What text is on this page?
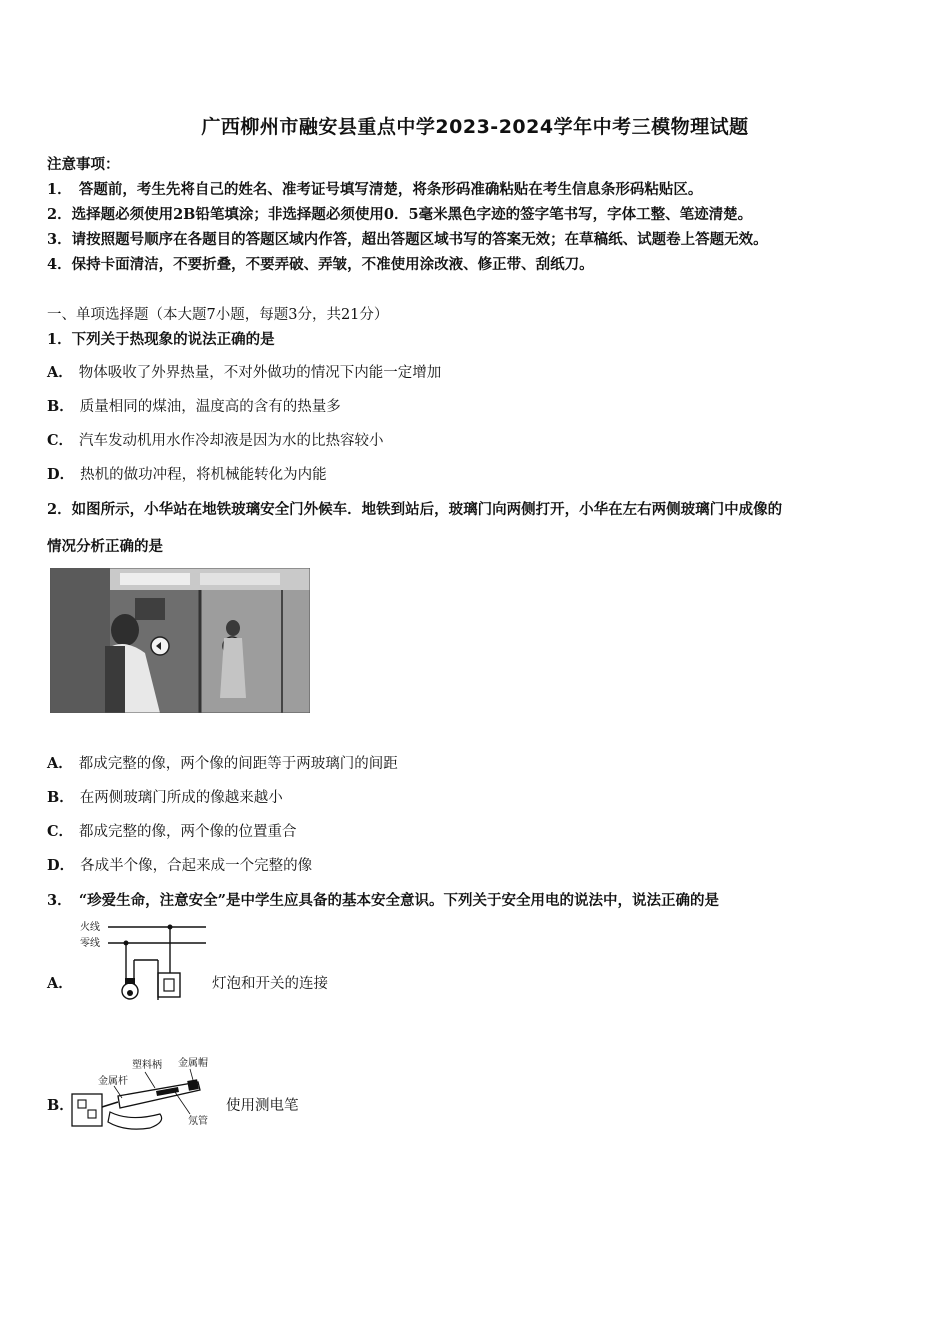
广西柳州市融安县重点中学2023-2024学年中考三模物理试题
注意事项：
1．　答题前，考生先将自己的姓名、准考证号填写清楚，将条形码准确粘贴在考生信息条形码粘贴区。
2．选择题必须使用2B铅笔填涂；非选择题必须使用0．5毫米黑色字迹的签字笔书写，字体工整、笔迹清楚。
3．请按照题号顺序在各题目的答题区域内作答，超出答题区域书写的答案无效；在草稿纸、试题卷上答题无效。
4．保持卡面清洁，不要折叠，不要弄破、弄皱，不准使用涂改液、修正带、刮纸刀。
一、单项选择题（本大题7小题，每题3分，共21分）
1．下列关于热现象的说法正确的是
A． 物体吸收了外界热量，不对外做功的情况下内能一定增加
B． 质量相同的煤油，温度高的含有的热量多
C． 汽车发动机用水作冷却液是因为水的比热容较小
D． 热机的做功冲程，将机械能转化为内能
2．如图所示，小华站在地铁玻璃安全门外候车．地铁到站后，玻璃门向两侧打开，小华在左右两侧玻璃门中成像的
情况分析正确的是
A． 都成完整的像，两个像的间距等于两玻璃门的间距
B． 在两侧玻璃门所成的像越来越小
C． 都成完整的像，两个像的位置重合
D． 各成半个像，合起来成一个完整的像
3．　“珍爱生命，注意安全”是中学生应具备的基本安全意识。下列关于安全用电的说法中，说法正确的是
A．
火线
零线
灯泡和开关的连接
B．
塑料柄 金属帽
金属杆
氖管
使用测电笔
